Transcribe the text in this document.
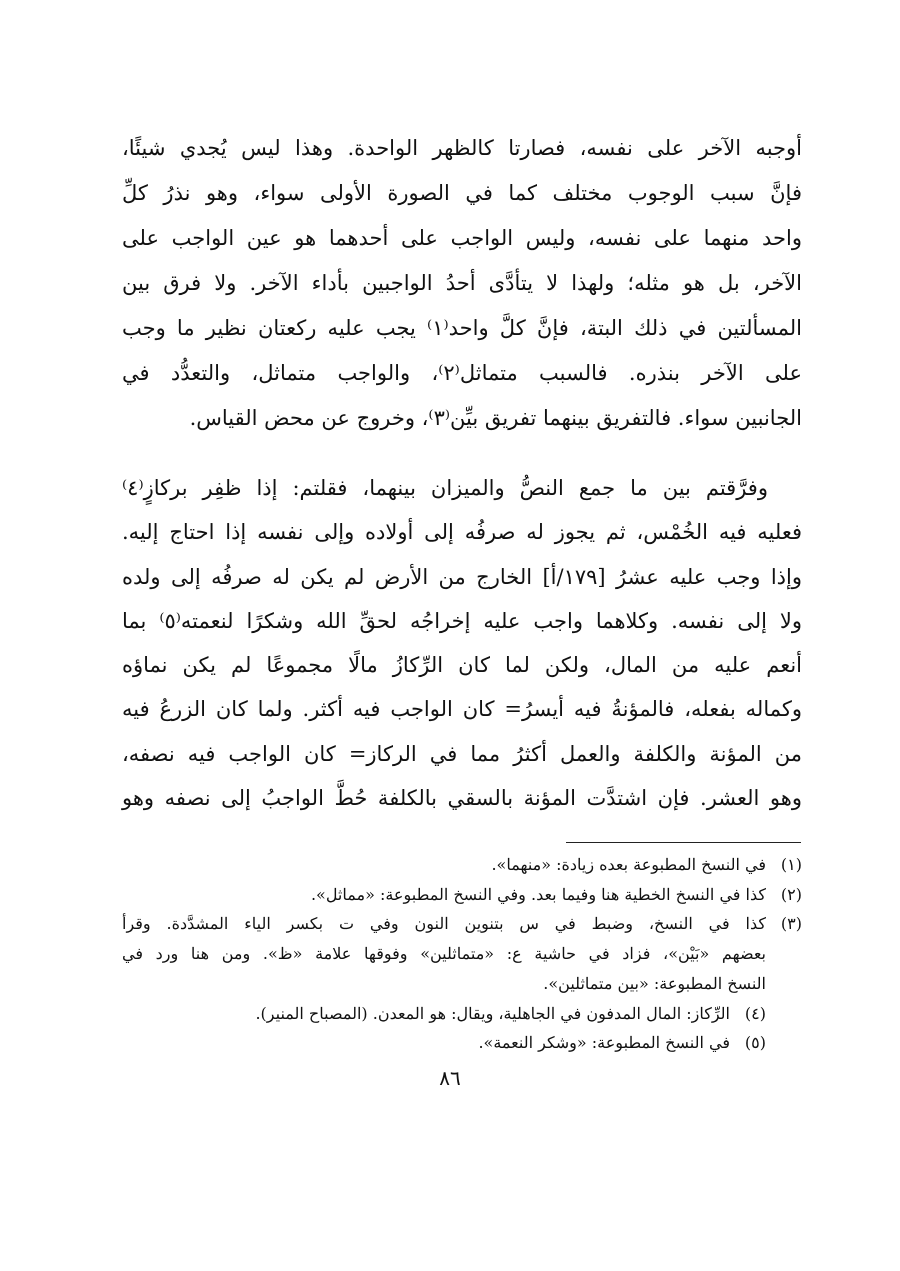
أوجبه الآخر على نفسه، فصارتا كالظهر الواحدة. وهذا ليس يُجدي شيئًا،
فإنَّ سبب الوجوب مختلف كما في الصورة الأولى سواء، وهو نذرُ كلِّ
واحد منهما على نفسه، وليس الواجب على أحدهما هو عين الواجب على
الآخر، بل هو مثله؛ ولهذا لا يتأدَّى أحدُ الواجبين بأداء الآخر. ولا فرق بين
المسألتين في ذلك البتة، فإنَّ كلَّ واحد⁽١⁾ يجب عليه ركعتان نظير ما وجب
على الآخر بنذره. فالسبب متماثل⁽٢⁾، والواجب متماثل، والتعدُّد في
الجانبين سواء. فالتفريق بينهما تفريق بيِّن⁽٣⁾، وخروج عن محض القياس.
وفرَّقتم بين ما جمع النصُّ والميزان بينهما، فقلتم: إذا ظفِر بركازٍ⁽٤⁾
فعليه فيه الخُمْس، ثم يجوز له صرفُه إلى أولاده وإلى نفسه إذا احتاج إليه.
وإذا وجب عليه عشرُ [١٧٩/أ] الخارج من الأرض لم يكن له صرفُه إلى ولده
ولا إلى نفسه. وكلاهما واجب عليه إخراجُه لحقِّ الله وشكرًا لنعمته⁽٥⁾ بما
أنعم عليه من المال، ولكن لما كان الرِّكازُ مالًا مجموعًا لم يكن نماؤه
وكماله بفعله، فالمؤنةُ فيه أيسرُ= كان الواجب فيه أكثر. ولما كان الزرعُ فيه
من المؤنة والكلفة والعمل أكثرُ مما في الركاز= كان الواجب فيه نصفه،
وهو العشر. فإن اشتدَّت المؤنة بالسقي بالكلفة حُطَّ الواجبُ إلى نصفه وهو
(١)
في النسخ المطبوعة بعده زيادة: «منهما».
(٢)
كذا في النسخ الخطية هنا وفيما بعد. وفي النسخ المطبوعة: «مماثل».
(٣)
كذا في النسخ، وضبط في س بتنوين النون وفي ت بكسر الياء المشدَّدة. وقرأ
بعضهم «بَيْن»، فزاد في حاشية ع: «متماثلين» وفوقها علامة «ظ». ومن هنا ورد في
النسخ المطبوعة: «بين متماثلين».
(٤)
الرِّكاز: المال المدفون في الجاهلية، ويقال: هو المعدن. (المصباح المنير).
(٥)
في النسخ المطبوعة: «وشكر النعمة».
٨٦
